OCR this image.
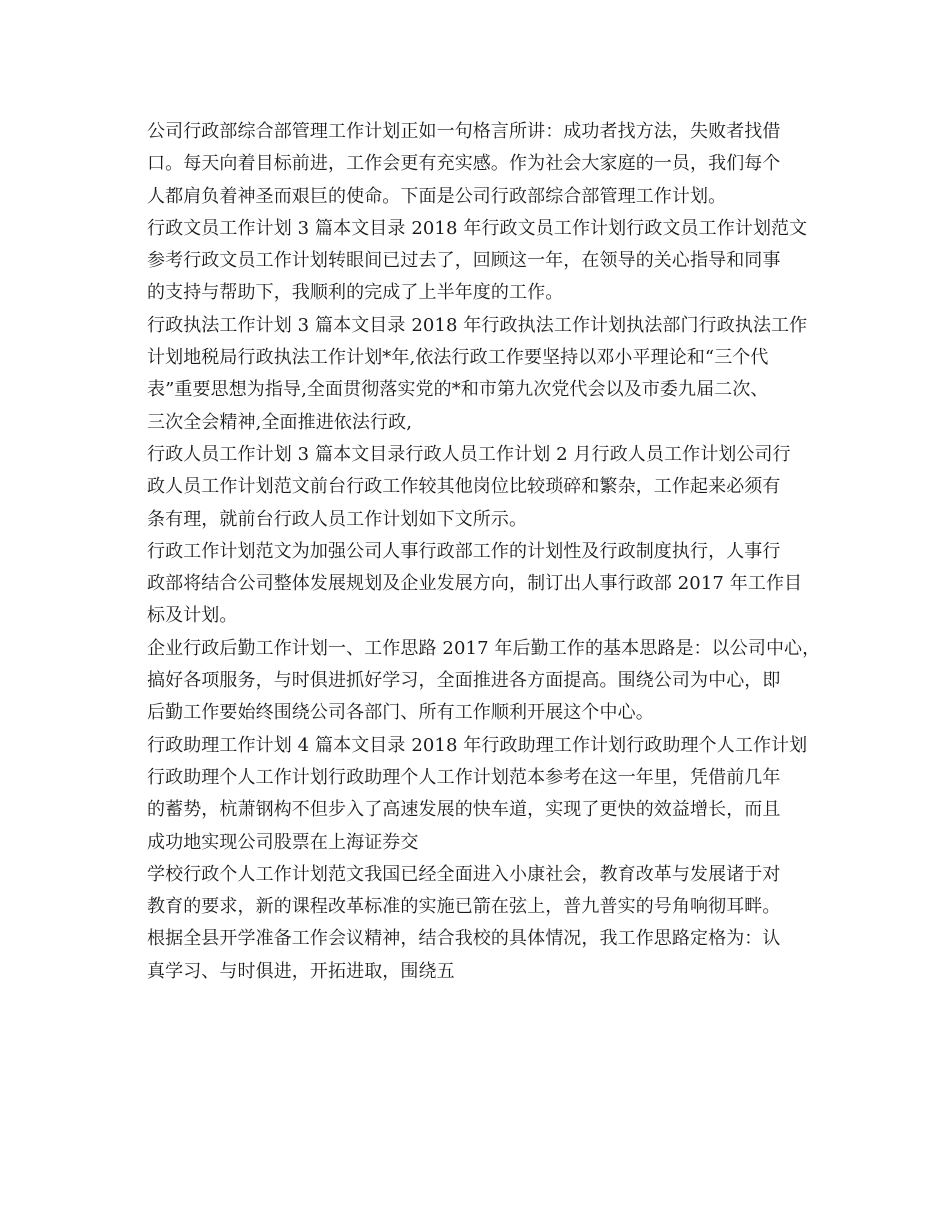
公司行政部综合部管理工作计划正如一句格言所讲：成功者找方法，失败者找借
口。每天向着目标前进，工作会更有充实感。作为社会大家庭的一员，我们每个
人都肩负着神圣而艰巨的使命。下面是公司行政部综合部管理工作计划。
行政文员工作计划 3 篇本文目录 2018 年行政文员工作计划行政文员工作计划范文
参考行政文员工作计划转眼间已过去了，回顾这一年，在领导的关心指导和同事
的支持与帮助下，我顺利的完成了上半年度的工作。
行政执法工作计划 3 篇本文目录 2018 年行政执法工作计划执法部门行政执法工作
计划地税局行政执法工作计划*年,依法行政工作要坚持以邓小平理论和“三个代
表”重要思想为指导,全面贯彻落实党的*和市第九次党代会以及市委九届二次、
三次全会精神,全面推进依法行政,
行政人员工作计划 3 篇本文目录行政人员工作计划 2 月行政人员工作计划公司行
政人员工作计划范文前台行政工作较其他岗位比较琐碎和繁杂，工作起来必须有
条有理，就前台行政人员工作计划如下文所示。
行政工作计划范文为加强公司人事行政部工作的计划性及行政制度执行，人事行
政部将结合公司整体发展规划及企业发展方向，制订出人事行政部 2017 年工作目
标及计划。
企业行政后勤工作计划一、工作思路 2017 年后勤工作的基本思路是：以公司中心，
搞好各项服务，与时俱进抓好学习，全面推进各方面提高。围绕公司为中心，即
后勤工作要始终围绕公司各部门、所有工作顺利开展这个中心。
行政助理工作计划 4 篇本文目录 2018 年行政助理工作计划行政助理个人工作计划
行政助理个人工作计划行政助理个人工作计划范本参考在这一年里，凭借前几年
的蓄势，杭萧钢构不但步入了高速发展的快车道，实现了更快的效益增长，而且
成功地实现公司股票在上海证券交
学校行政个人工作计划范文我国已经全面进入小康社会，教育改革与发展诸于对
教育的要求，新的课程改革标准的实施已箭在弦上，普九普实的号角响彻耳畔。
根据全县开学准备工作会议精神，结合我校的具体情况，我工作思路定格为：认
真学习、与时俱进，开拓进取，围绕五
